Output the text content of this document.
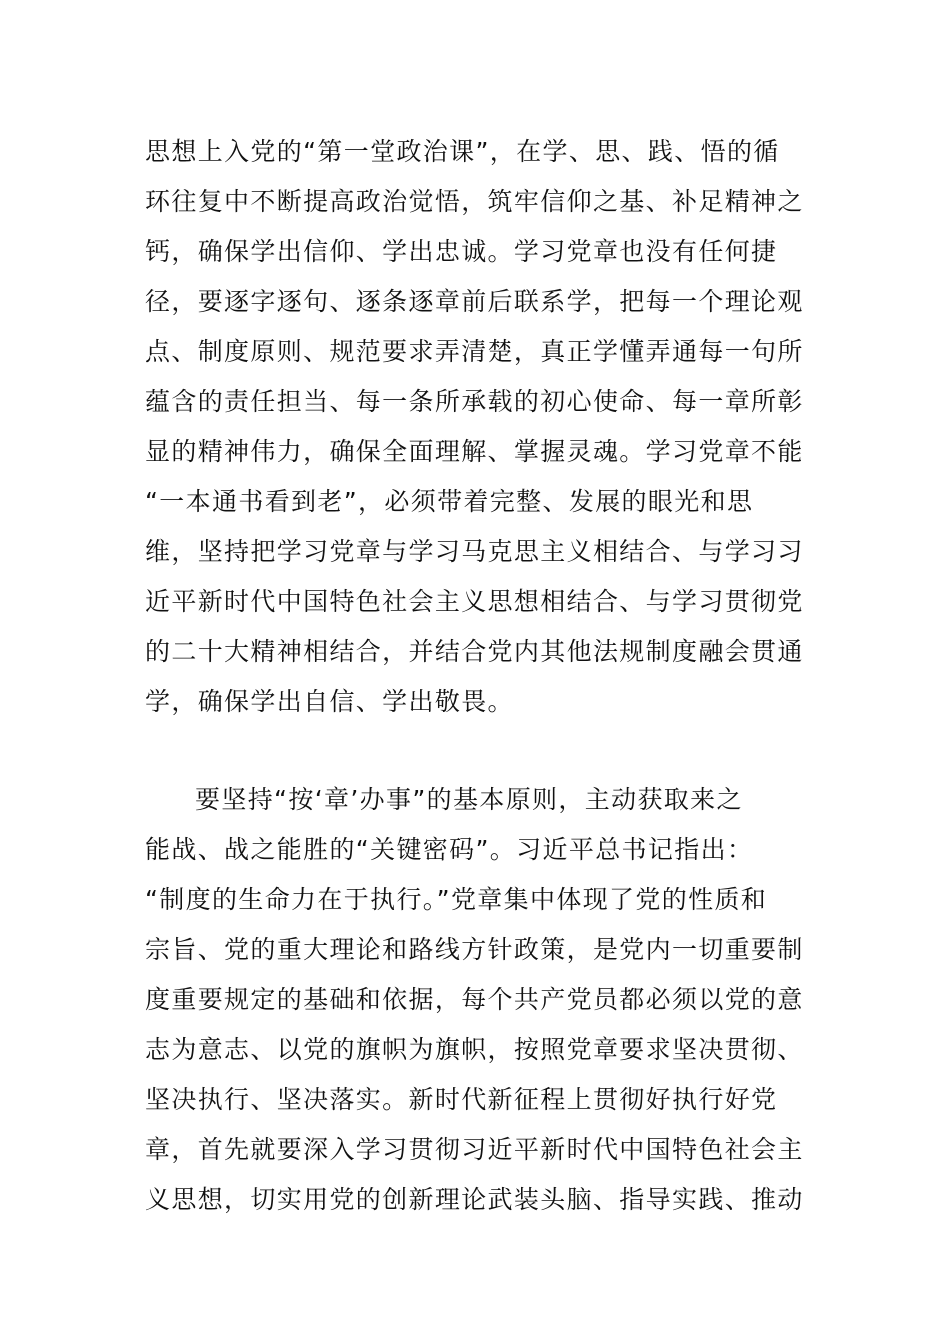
思想上入党的“第一堂政治课”，在学、思、践、悟的循
环往复中不断提高政治觉悟，筑牢信仰之基、补足精神之
钙，确保学出信仰、学出忠诚。学习党章也没有任何捷
径，要逐字逐句、逐条逐章前后联系学，把每一个理论观
点、制度原则、规范要求弄清楚，真正学懂弄通每一句所
蕴含的责任担当、每一条所承载的初心使命、每一章所彰
显的精神伟力，确保全面理解、掌握灵魂。学习党章不能
“一本通书看到老”，必须带着完整、发展的眼光和思
维，坚持把学习党章与学习马克思主义相结合、与学习习
近平新时代中国特色社会主义思想相结合、与学习贯彻党
的二十大精神相结合，并结合党内其他法规制度融会贯通
学，确保学出自信、学出敬畏。
要坚持“按‘章’办事”的基本原则，主动获取来之
能战、战之能胜的“关键密码”。习近平总书记指出：
“制度的生命力在于执行。”党章集中体现了党的性质和
宗旨、党的重大理论和路线方针政策，是党内一切重要制
度重要规定的基础和依据，每个共产党员都必须以党的意
志为意志、以党的旗帜为旗帜，按照党章要求坚决贯彻、
坚决执行、坚决落实。新时代新征程上贯彻好执行好党
章，首先就要深入学习贯彻习近平新时代中国特色社会主
义思想，切实用党的创新理论武装头脑、指导实践、推动
